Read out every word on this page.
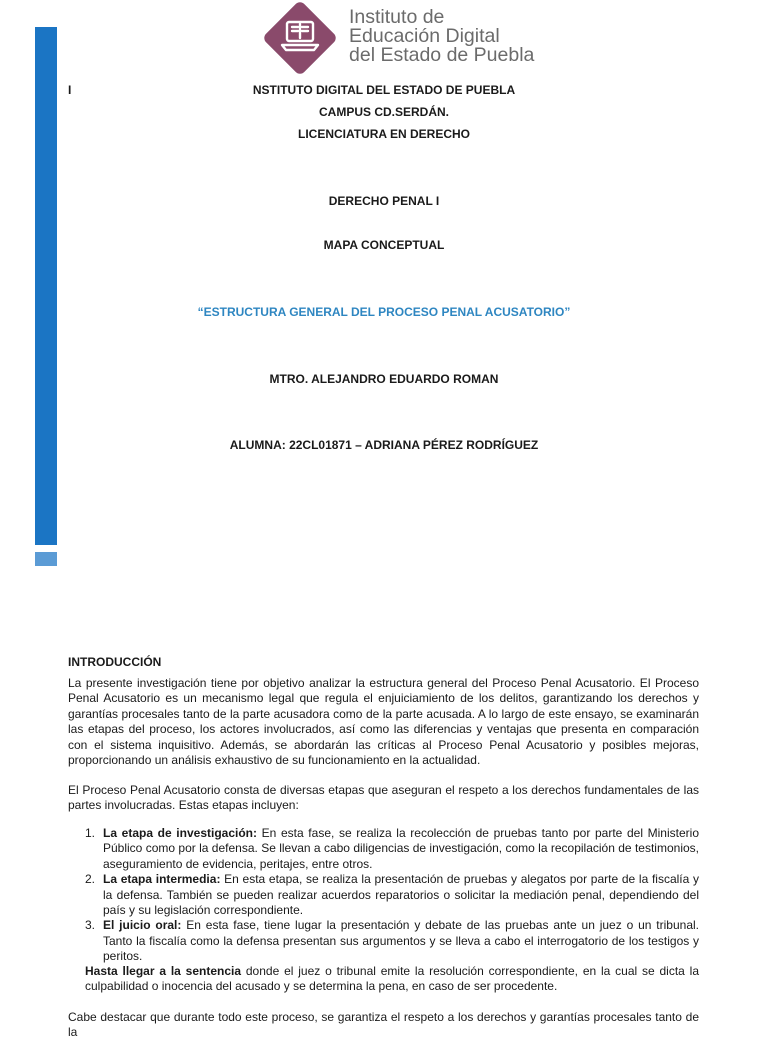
Instituto de
Educación Digital
del Estado de Puebla
I	NSTITUTO DIGITAL DEL ESTADO DE PUEBLA
CAMPUS CD.SERDÁN.
LICENCIATURA EN DERECHO
DERECHO PENAL I
MAPA CONCEPTUAL
“ESTRUCTURA GENERAL DEL PROCESO PENAL ACUSATORIO”
MTRO. ALEJANDRO EDUARDO ROMAN
ALUMNA: 22CL01871 – ADRIANA PÉREZ RODRÍGUEZ
INTRODUCCIÓN

La presente investigación tiene por objetivo analizar la estructura general del Proceso Penal Acusatorio. El Proceso Penal Acusatorio es un mecanismo legal que regula el enjuiciamiento de los delitos, garantizando los derechos y garantías procesales tanto de la parte acusadora como de la parte acusada. A lo largo de este ensayo, se examinarán las etapas del proceso, los actores involucrados, así como las diferencias y ventajas que presenta en comparación con el sistema inquisitivo. Además, se abordarán las críticas al Proceso Penal Acusatorio y posibles mejoras, proporcionando un análisis exhaustivo de su funcionamiento en la actualidad.

El Proceso Penal Acusatorio consta de diversas etapas que aseguran el respeto a los derechos fundamentales de las partes involucradas. Estas etapas incluyen:

1. La etapa de investigación: En esta fase, se realiza la recolección de pruebas tanto por parte del Ministerio Público como por la defensa. Se llevan a cabo diligencias de investigación, como la recopilación de testimonios, aseguramiento de evidencia, peritajes, entre otros.
2. La etapa intermedia: En esta etapa, se realiza la presentación de pruebas y alegatos por parte de la fiscalía y la defensa. También se pueden realizar acuerdos reparatorios o solicitar la mediación penal, dependiendo del país y su legislación correspondiente.
3. El juicio oral: En esta fase, tiene lugar la presentación y debate de las pruebas ante un juez o un tribunal. Tanto la fiscalía como la defensa presentan sus argumentos y se lleva a cabo el interrogatorio de los testigos y peritos.

Hasta llegar a la sentencia donde el juez o tribunal emite la resolución correspondiente, en la cual se dicta la culpabilidad o inocencia del acusado y se determina la pena, en caso de ser procedente.

Cabe destacar que durante todo este proceso, se garantiza el respeto a los derechos y garantías procesales tanto de la
